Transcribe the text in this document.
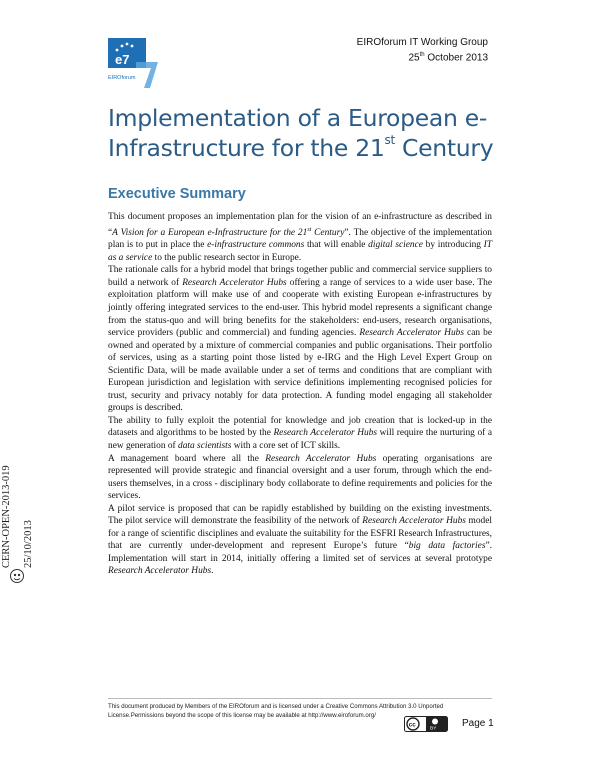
e7
EIROforum
EIROforum IT Working Group
25th October 2013
Implementation of a European e-Infrastructure for the 21st Century
Executive Summary

This document proposes an implementation plan for the vision of an e-infrastructure as described in “A Vision for a European e-Infrastructure for the 21st Century”. The objective of the implementation plan is to put in place the e-infrastructure commons that will enable digital science by introducing IT as a service to the public research sector in Europe.

The rationale calls for a hybrid model that brings together public and commercial service suppliers to build a network of Research Accelerator Hubs offering a range of services to a wide user base. The exploitation platform will make use of and cooperate with existing European e-infrastructures by jointly offering integrated services to the end-user. This hybrid model represents a significant change from the status-quo and will bring benefits for the stakeholders: end-users, research organisations, service providers (public and commercial) and funding agencies. Research Accelerator Hubs can be owned and operated by a mixture of commercial companies and public organisations. Their portfolio of services, using as a starting point those listed by e-IRG and the High Level Expert Group on Scientific Data, will be made available under a set of terms and conditions that are compliant with European jurisdiction and legislation with service definitions implementing recognised policies for trust, security and privacy notably for data protection. A funding model engaging all stakeholder groups is described.

The ability to fully exploit the potential for knowledge and job creation that is locked-up in the datasets and algorithms to be hosted by the Research Accelerator Hubs will require the nurturing of a new generation of data scientists with a core set of ICT skills.

A management board where all the Research Accelerator Hubs operating organisations are represented will provide strategic and financial oversight and a user forum, through which the end-users themselves, in a cross - disciplinary body collaborate to define requirements and policies for the services.

A pilot service is proposed that can be rapidly established by building on the existing investments. The pilot service will demonstrate the feasibility of the network of Research Accelerator Hubs model for a range of scientific disciplines and evaluate the suitability for the ESFRI Research Infrastructures, that are currently under-development and represent Europe’s future “big data factories”. Implementation will start in 2014, initially offering a limited set of services at several prototype Research Accelerator Hubs.

CERN-OPEN-2013-019 25/10/2013
This document produced by Members of the EIROforum and is licensed under a Creative Commons Attribution 3.0 Unported License.Permissions beyond the scope of this license may be available at http://www.eiroforum.org/
cc
BY
Page 1
